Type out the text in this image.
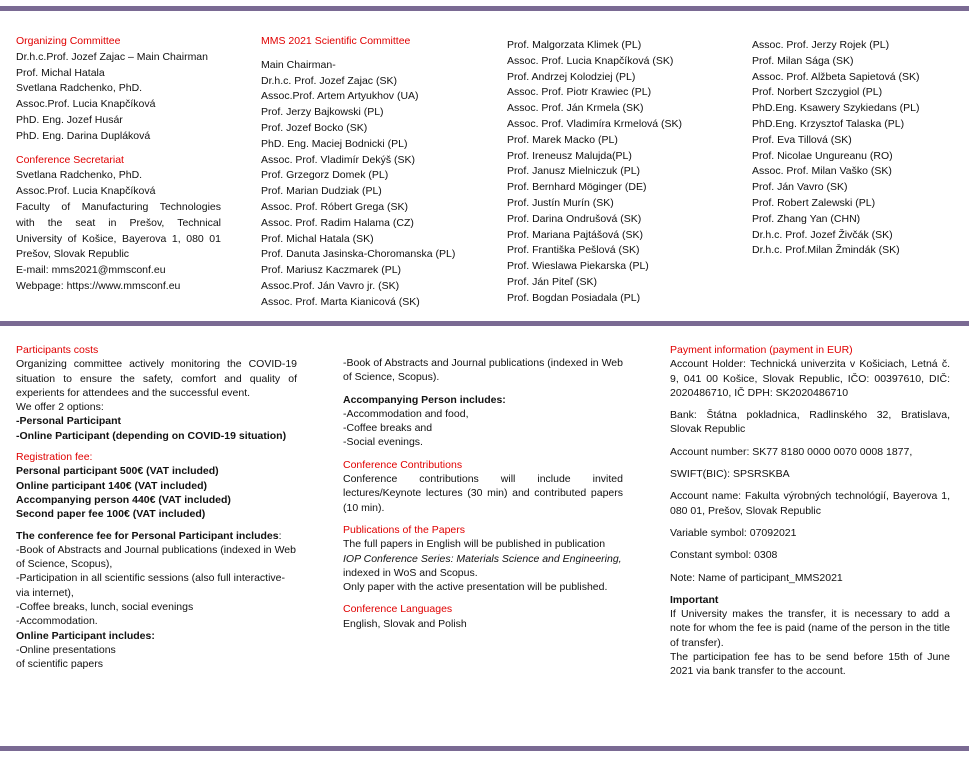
Organizing Committee
Dr.h.c.Prof. Jozef Zajac – Main Chairman
Prof. Michal Hatala
Svetlana Radchenko, PhD.
Assoc.Prof. Lucia Knapčíková
PhD. Eng. Jozef Husár
PhD. Eng. Darina Dupláková
Conference Secretariat
Svetlana Radchenko, PhD.
Assoc.Prof. Lucia Knapčíková
Faculty of Manufacturing Technologies
with the seat in Prešov, Technical
University of Košice, Bayerova 1, 080 01
Prešov, Slovak Republic
E-mail: mms2021@mmsconf.eu
Webpage: https://www.mmsconf.eu
MMS 2021 Scientific Committee
Main Chairman-
Dr.h.c. Prof. Jozef Zajac (SK)
Assoc.Prof. Artem Artyukhov (UA)
Prof. Jerzy Bajkowski (PL)
Prof. Jozef Bocko (SK)
PhD. Eng. Maciej Bodnicki (PL)
Assoc. Prof. Vladimír Dekýš (SK)
Prof. Grzegorz Domek (PL)
Prof. Marian Dudziak (PL)
Assoc. Prof. Róbert Grega (SK)
Assoc. Prof. Radim Halama (CZ)
Prof. Michal Hatala (SK)
Prof. Danuta Jasinska-Choromanska (PL)
Prof. Mariusz Kaczmarek (PL)
Assoc.Prof. Ján Vavro jr. (SK)
Assoc. Prof. Marta Kianicová (SK)
Prof. Malgorzata Klimek (PL)
Assoc. Prof. Lucia Knapčíková (SK)
Prof. Andrzej Kolodziej (PL)
Assoc. Prof. Piotr Krawiec (PL)
Assoc. Prof. Ján Krmela (SK)
Assoc. Prof. Vladimíra Krmelová (SK)
Prof. Marek Macko (PL)
Prof. Ireneusz Malujda(PL)
Prof. Janusz Mielniczuk (PL)
Prof. Bernhard Möginger (DE)
Prof. Justín Murín (SK)
Prof. Darina Ondrušová (SK)
Prof. Mariana Pajtášová (SK)
Prof. Františka Pešlová (SK)
Prof. Wieslawa Piekarska (PL)
Prof. Ján Piteľ (SK)
Prof. Bogdan Posiadala (PL)
Assoc. Prof. Jerzy Rojek (PL)
Prof. Milan Sága (SK)
Assoc. Prof. Alžbeta Sapietová (SK)
Prof. Norbert Szczygiol (PL)
PhD.Eng. Ksawery Szykiedans (PL)
PhD.Eng. Krzysztof Talaska (PL)
Prof. Eva Tillová (SK)
Prof. Nicolae Ungureanu (RO)
Assoc. Prof. Milan Vaško (SK)
Prof. Ján Vavro (SK)
Prof. Robert Zalewski (PL)
Prof. Zhang Yan (CHN)
Dr.h.c. Prof. Jozef Živčák (SK)
Dr.h.c. Prof.Milan Žmindák (SK)
Participants costs
Organizing committee actively monitoring the COVID-19 situation to ensure the safety, comfort and quality of experients for attendees and the successful event.
We offer 2 options:
-Personal Participant
-Online Participant (depending on COVID-19 situation)
Registration fee:
Personal participant 500€ (VAT included)
Online participant 140€ (VAT included)
Accompanying person 440€ (VAT included)
Second paper fee 100€ (VAT included)
The conference fee for Personal Participant includes:
-Book of Abstracts and Journal publications (indexed in Web of Science, Scopus),
-Participation in all scientific sessions (also full interactive-via internet),
-Coffee breaks, lunch, social evenings
-Accommodation.
Online Participant includes:
-Online presentations
of scientific papers
-Book of Abstracts and Journal publications (indexed in Web of Science, Scopus).
Accompanying Person includes:
-Accommodation and food,
-Coffee breaks and
-Social evenings.
Conference Contributions
Conference contributions will include invited lectures/Keynote lectures (30 min) and contributed papers (10 min).
Publications of the Papers
The full papers in English will be published in publication
IOP Conference Series: Materials Science and Engineering,
indexed in WoS and Scopus.
Only paper with the active presentation will be published.
Conference Languages
English, Slovak and Polish
Payment information (payment in EUR)
Account Holder: Technická univerzita v Košiciach, Letná č. 9, 041 00 Košice, Slovak Republic, IČO: 00397610, DIČ: 2020486710, IČ DPH: SK2020486710
Bank: Štátna pokladnica, Radlinského 32, Bratislava, Slovak Republic
Account number: SK77 8180 0000 0070 0008 1877,
SWIFT(BIC): SPSRSKBA
Account name: Fakulta výrobných technológií, Bayerova 1, 080 01, Prešov, Slovak Republic
Variable symbol: 07092021
Constant symbol: 0308
Note: Name of participant_MMS2021
Important
If University makes the transfer, it is necessary to add a note for whom the fee is paid (name of the person in the title of transfer).
The participation fee has to be send before 15th of June 2021 via bank transfer to the account.
